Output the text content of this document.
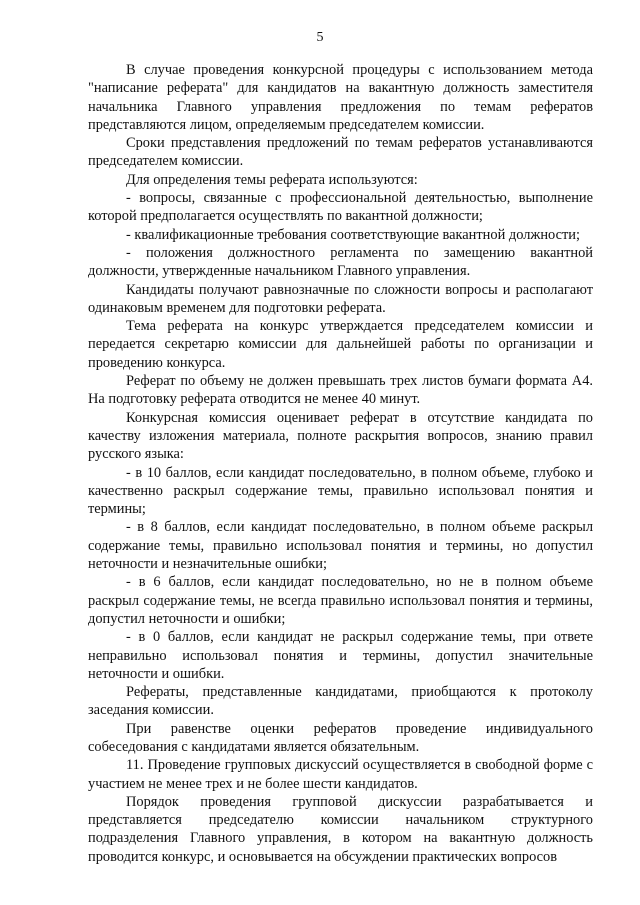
5

В случае проведения конкурсной процедуры с использованием метода "написание реферата" для кандидатов на вакантную должность заместителя начальника Главного управления предложения по темам рефератов представляются лицом, определяемым председателем комиссии.

Сроки представления предложений по темам рефератов устанавливаются председателем комиссии.

Для определения темы реферата используются:

- вопросы, связанные с профессиональной деятельностью, выполнение которой предполагается осуществлять по вакантной должности;

- квалификационные требования соответствующие вакантной должности;

- положения должностного регламента по замещению вакантной должности, утвержденные начальником Главного управления.

Кандидаты получают равнозначные по сложности вопросы и располагают одинаковым временем для подготовки реферата.

Тема реферата на конкурс утверждается председателем комиссии и передается секретарю комиссии для дальнейшей работы по организации и проведению конкурса.

Реферат по объему не должен превышать трех листов бумаги формата А4. На подготовку реферата отводится не менее 40 минут.

Конкурсная комиссия оценивает реферат в отсутствие кандидата по качеству изложения материала, полноте раскрытия вопросов, знанию правил русского языка:

- в 10 баллов, если кандидат последовательно, в полном объеме, глубоко и качественно раскрыл содержание темы, правильно использовал понятия и термины;

- в 8 баллов, если кандидат последовательно, в полном объеме раскрыл содержание темы, правильно использовал понятия и термины, но допустил неточности и незначительные ошибки;

- в 6 баллов, если кандидат последовательно, но не в полном объеме раскрыл содержание темы, не всегда правильно использовал понятия и термины, допустил неточности и ошибки;

- в 0 баллов, если кандидат не раскрыл содержание темы, при ответе неправильно использовал понятия и термины, допустил значительные неточности и ошибки.

Рефераты, представленные кандидатами, приобщаются к протоколу заседания комиссии.

При равенстве оценки рефератов проведение индивидуального собеседования с кандидатами является обязательным.

11. Проведение групповых дискуссий осуществляется в свободной форме с участием не менее трех и не более шести кандидатов.

Порядок проведения групповой дискуссии разрабатывается и представляется председателю комиссии начальником структурного подразделения Главного управления, в котором на вакантную должность проводится конкурс, и основывается на обсуждении практических вопросов
